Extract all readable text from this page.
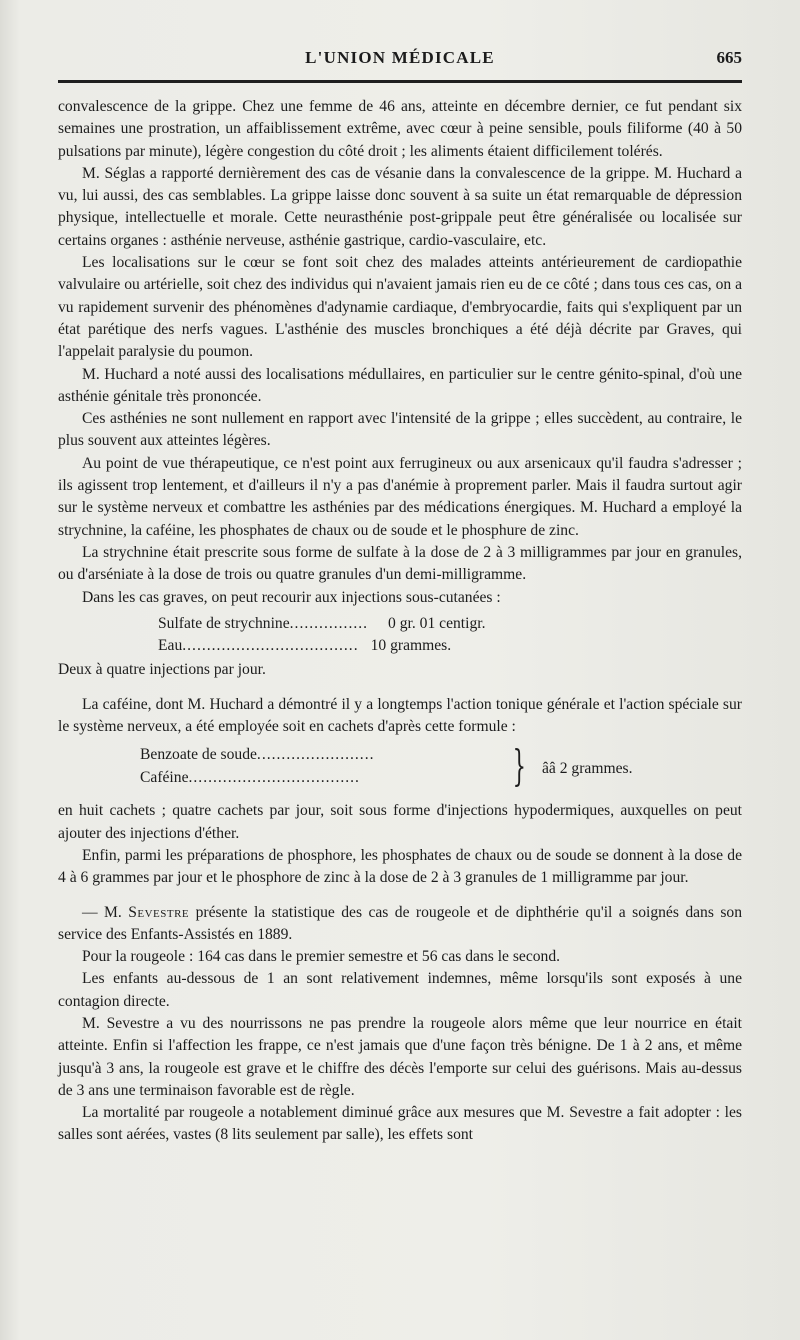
L'UNION MÉDICALE	665

convalescence de la grippe. Chez une femme de 46 ans, atteinte en décembre dernier, ce fut pendant six semaines une prostration, un affaiblissement extrême, avec cœur à peine sensible, pouls filiforme (40 à 50 pulsations par minute), légère congestion du côté droit ; les aliments étaient difficilement tolérés.

M. Séglas a rapporté dernièrement des cas de vésanie dans la convalescence de la grippe. M. Huchard a vu, lui aussi, des cas semblables. La grippe laisse donc souvent à sa suite un état remarquable de dépression physique, intellectuelle et morale. Cette neurasthénie post-grippale peut être généralisée ou localisée sur certains organes : asthénie nerveuse, asthénie gastrique, cardio-vasculaire, etc.

Les localisations sur le cœur se font soit chez des malades atteints antérieurement de cardiopathie valvulaire ou artérielle, soit chez des individus qui n'avaient jamais rien eu de ce côté ; dans tous ces cas, on a vu rapidement survenir des phénomènes d'adynamie cardiaque, d'embryocardie, faits qui s'expliquent par un état parétique des nerfs vagues. L'asthénie des muscles bronchiques a été déjà décrite par Graves, qui l'appelait paralysie du poumon.

M. Huchard a noté aussi des localisations médullaires, en particulier sur le centre génito-spinal, d'où une asthénie génitale très prononcée.

Ces asthénies ne sont nullement en rapport avec l'intensité de la grippe ; elles succèdent, au contraire, le plus souvent aux atteintes légères.

Au point de vue thérapeutique, ce n'est point aux ferrugineux ou aux arsenicaux qu'il faudra s'adresser ; ils agissent trop lentement, et d'ailleurs il n'y a pas d'anémie à proprement parler. Mais il faudra surtout agir sur le système nerveux et combattre les asthénies par des médications énergiques. M. Huchard a employé la strychnine, la caféine, les phosphates de chaux ou de soude et le phosphure de zinc.

La strychnine était prescrite sous forme de sulfate à la dose de 2 à 3 milligrammes par jour en granules, ou d'arséniate à la dose de trois ou quatre granules d'un demi-milligramme.

Dans les cas graves, on peut recourir aux injections sous-cutanées :

Sulfate de strychnine ................ 0 gr. 01 centigr.
Eau .................................... 10 grammes.

Deux à quatre injections par jour.

La caféine, dont M. Huchard a démontré il y a longtemps l'action tonique générale et l'action spéciale sur le système nerveux, a été employée soit en cachets d'après cette formule :

Benzoate de soude ........................
Caféine ...................................	} ââ 2 grammes.

en huit cachets ; quatre cachets par jour, soit sous forme d'injections hypodermiques, auxquelles on peut ajouter des injections d'éther.

Enfin, parmi les préparations de phosphore, les phosphates de chaux ou de soude se donnent à la dose de 4 à 6 grammes par jour et le phosphore de zinc à la dose de 2 à 3 granules de 1 milligramme par jour.

— M. Sevestre présente la statistique des cas de rougeole et de diphthérie qu'il a soignés dans son service des Enfants-Assistés en 1889.

Pour la rougeole : 164 cas dans le premier semestre et 56 cas dans le second.

Les enfants au-dessous de 1 an sont relativement indemnes, même lorsqu'ils sont exposés à une contagion directe.

M. Sevestre a vu des nourrissons ne pas prendre la rougeole alors même que leur nourrice en était atteinte. Enfin si l'affection les frappe, ce n'est jamais que d'une façon très bénigne. De 1 à 2 ans, et même jusqu'à 3 ans, la rougeole est grave et le chiffre des décès l'emporte sur celui des guérisons. Mais au-dessus de 3 ans une terminaison favorable est de règle.

La mortalité par rougeole a notablement diminué grâce aux mesures que M. Sevestre a fait adopter : les salles sont aérées, vastes (8 lits seulement par salle), les effets sont
